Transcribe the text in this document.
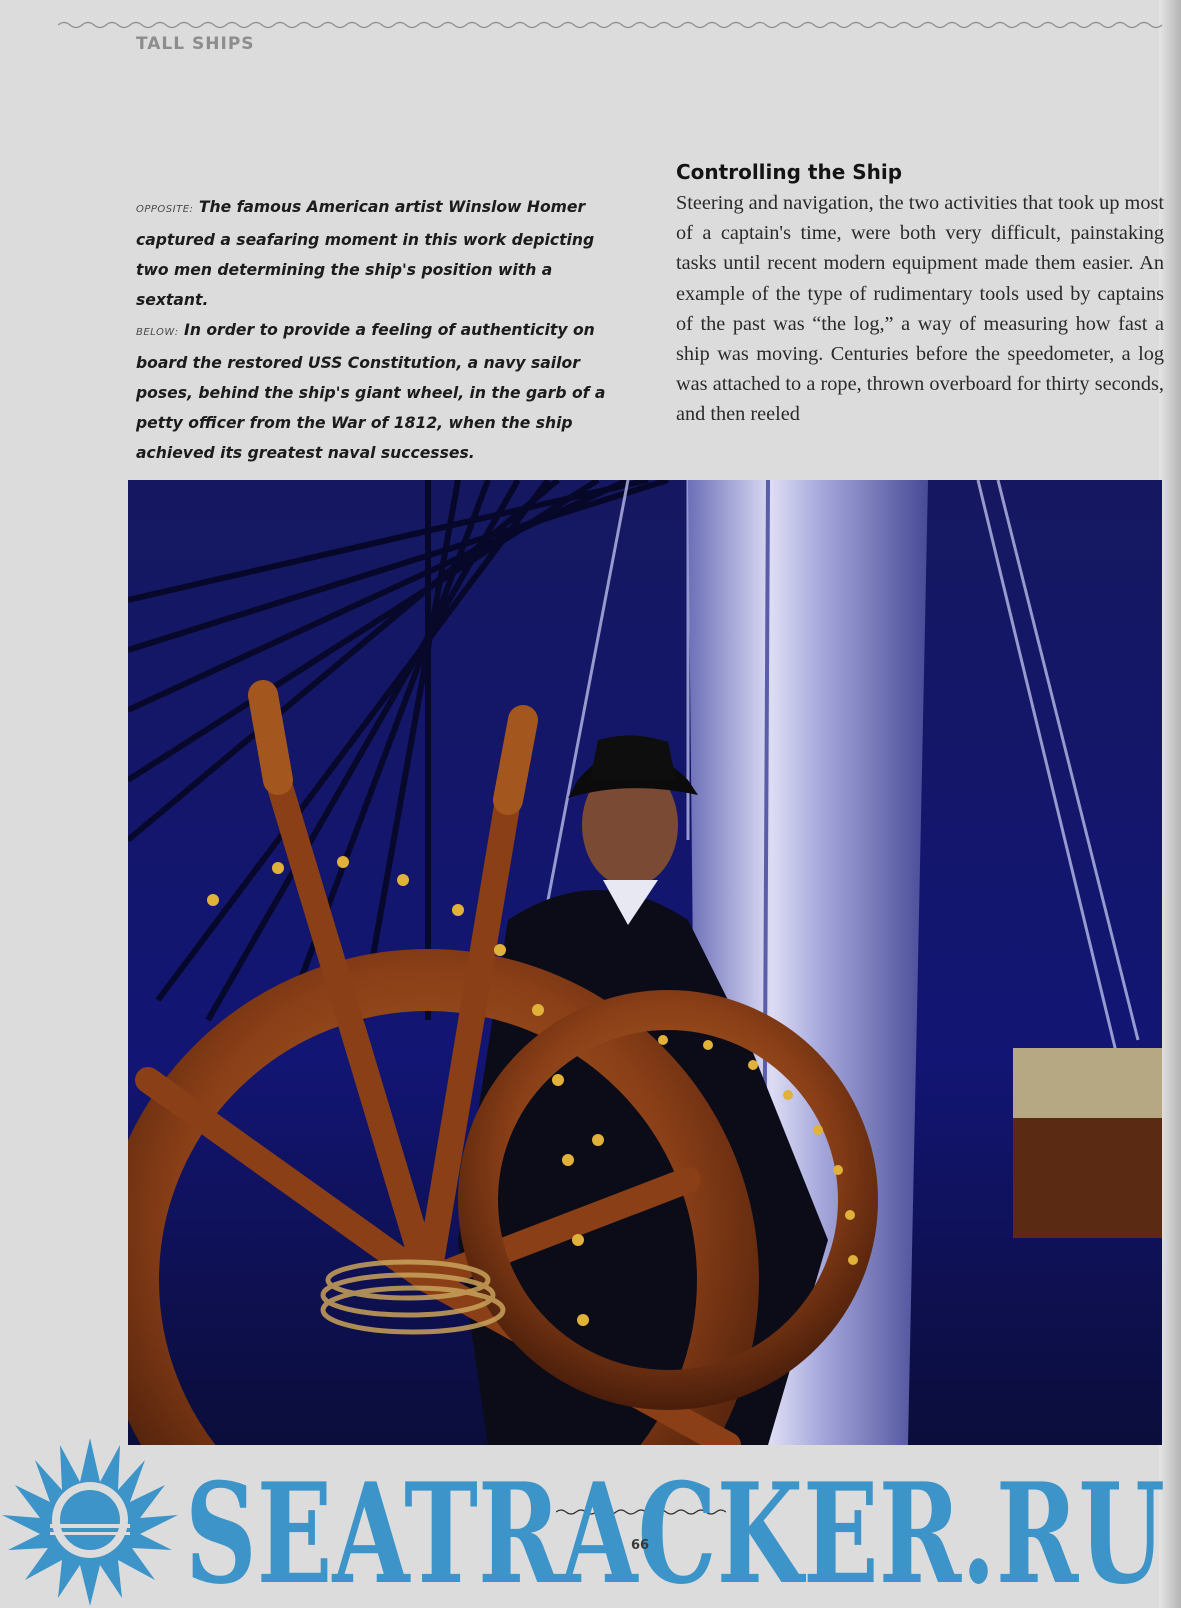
TALL SHIPS
OPPOSITE: The famous American artist Winslow Homer captured a seafaring moment in this work depicting two men determining the ship's position with a sextant.
BELOW: In order to provide a feeling of authenticity on board the restored USS Constitution, a navy sailor poses, behind the ship's giant wheel, in the garb of a petty officer from the War of 1812, when the ship achieved its greatest naval successes.
Controlling the Ship

Steering and navigation, the two activities that took up most of a captain's time, were both very difficult, painstaking tasks until recent modern equipment made them easier. An example of the type of rudimentary tools used by captains of the past was “the log,” a way of measuring how fast a ship was moving. Centuries before the speedometer, a log was attached to a rope, thrown overboard for thirty seconds, and then reeled

SEATRACKER.RU
66
